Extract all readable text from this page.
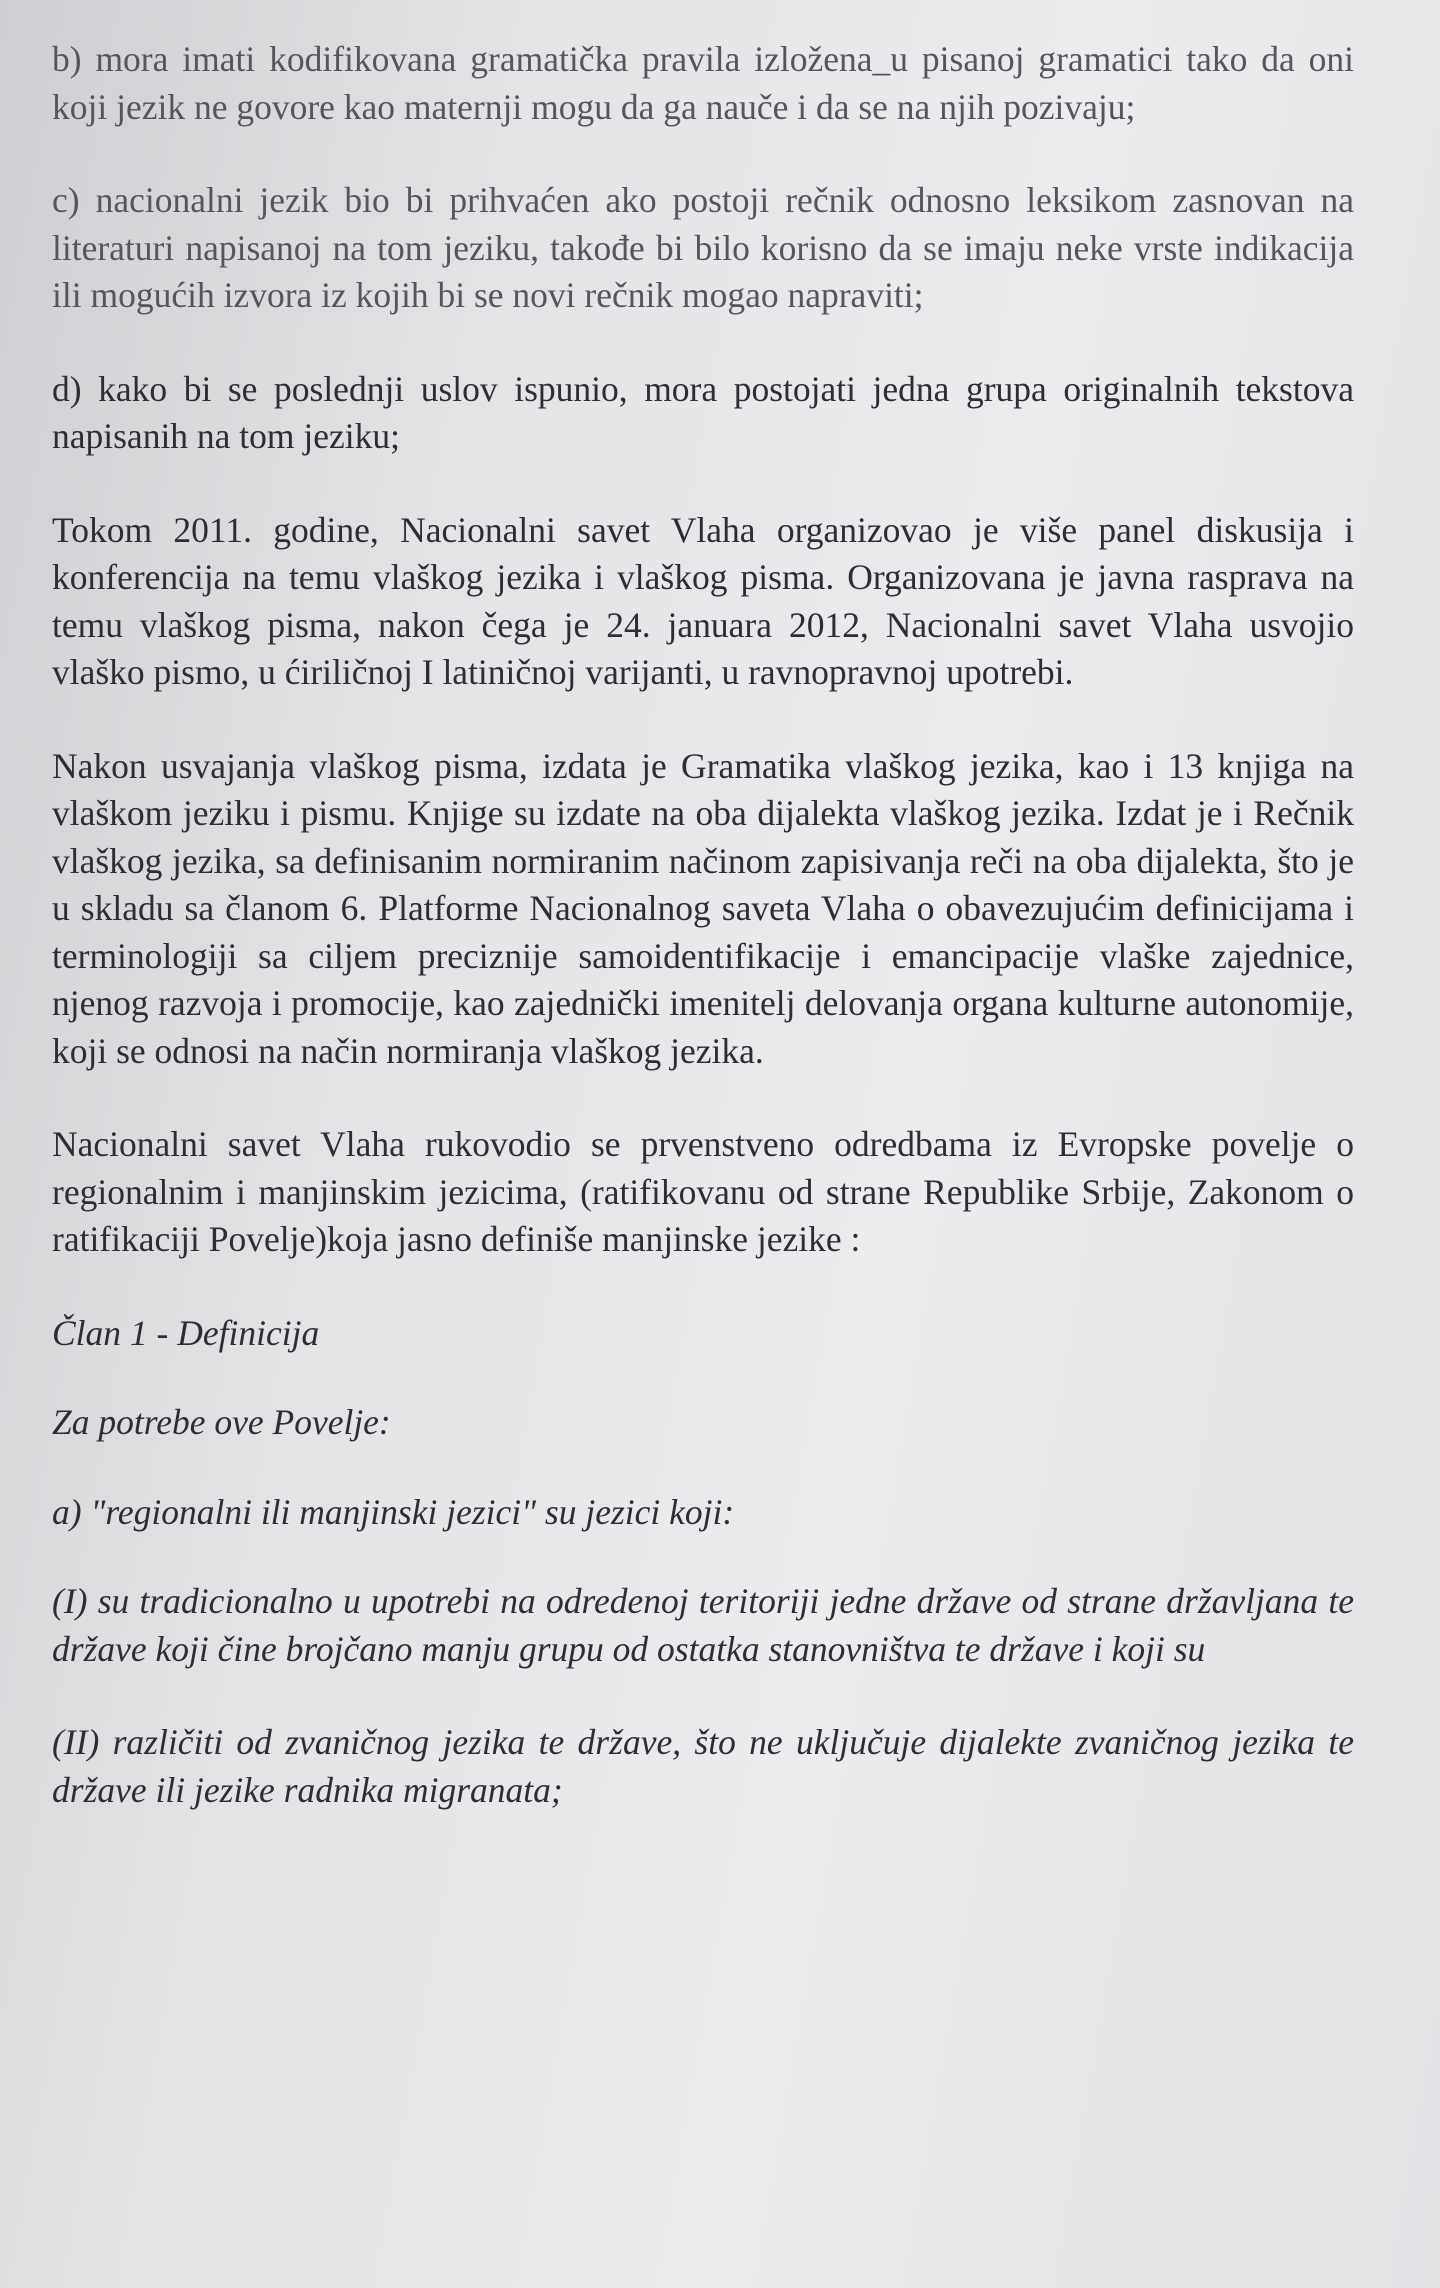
b) mora imati kodifikovana gramatička pravila izložena_u pisanoj gramatici tako da oni koji jezik ne govore kao maternji mogu da ga nauče i da se na njih pozivaju;

c) nacionalni jezik bio bi prihvaćen ako postoji rečnik odnosno leksikom zasnovan na literaturi napisanoj na tom jeziku, takođe bi bilo korisno da se imaju neke vrste indikacija ili mogućih izvora iz kojih bi se novi rečnik mogao napraviti;

d) kako bi se poslednji uslov ispunio, mora postojati jedna grupa originalnih tekstova napisanih na tom jeziku;

Tokom 2011. godine, Nacionalni savet Vlaha organizovao je više panel diskusija i konferencija na temu vlaškog jezika i vlaškog pisma. Organizovana je javna rasprava na temu vlaškog pisma, nakon čega je 24. januara 2012, Nacionalni savet Vlaha usvojio vlaško pismo, u ćiriličnoj I latiničnoj varijanti, u ravnopravnoj upotrebi.

Nakon usvajanja vlaškog pisma, izdata je Gramatika vlaškog jezika, kao i 13 knjiga na vlaškom jeziku i pismu. Knjige su izdate na oba dijalekta vlaškog jezika. Izdat je i Rečnik vlaškog jezika, sa definisanim normiranim načinom zapisivanja reči na oba dijalekta, što je u skladu sa članom 6. Platforme Nacionalnog saveta Vlaha o obavezujućim definicijama i terminologiji sa ciljem preciznije samoidentifikacije i emancipacije vlaške zajednice, njenog razvoja i promocije, kao zajednički imenitelj delovanja organa kulturne autonomije, koji se odnosi na način normiranja vlaškog jezika.

Nacionalni savet Vlaha rukovodio se prvenstveno odredbama iz Evropske povelje o regionalnim i manjinskim jezicima, (ratifikovanu od strane Republike Srbije, Zakonom o ratifikaciji Povelje)koja jasno definiše manjinske jezike :

Član 1 - Definicija

Za potrebe ove Povelje:

a) "regionalni ili manjinski jezici" su jezici koji:

(I) su tradicionalno u upotrebi na odredenoj teritoriji jedne države od strane državljana te države koji čine brojčano manju grupu od ostatka stanovništva te države i koji su

(II) različiti od zvaničnog jezika te države, što ne uključuje dijalekte zvaničnog jezika te države ili jezike radnika migranata;
